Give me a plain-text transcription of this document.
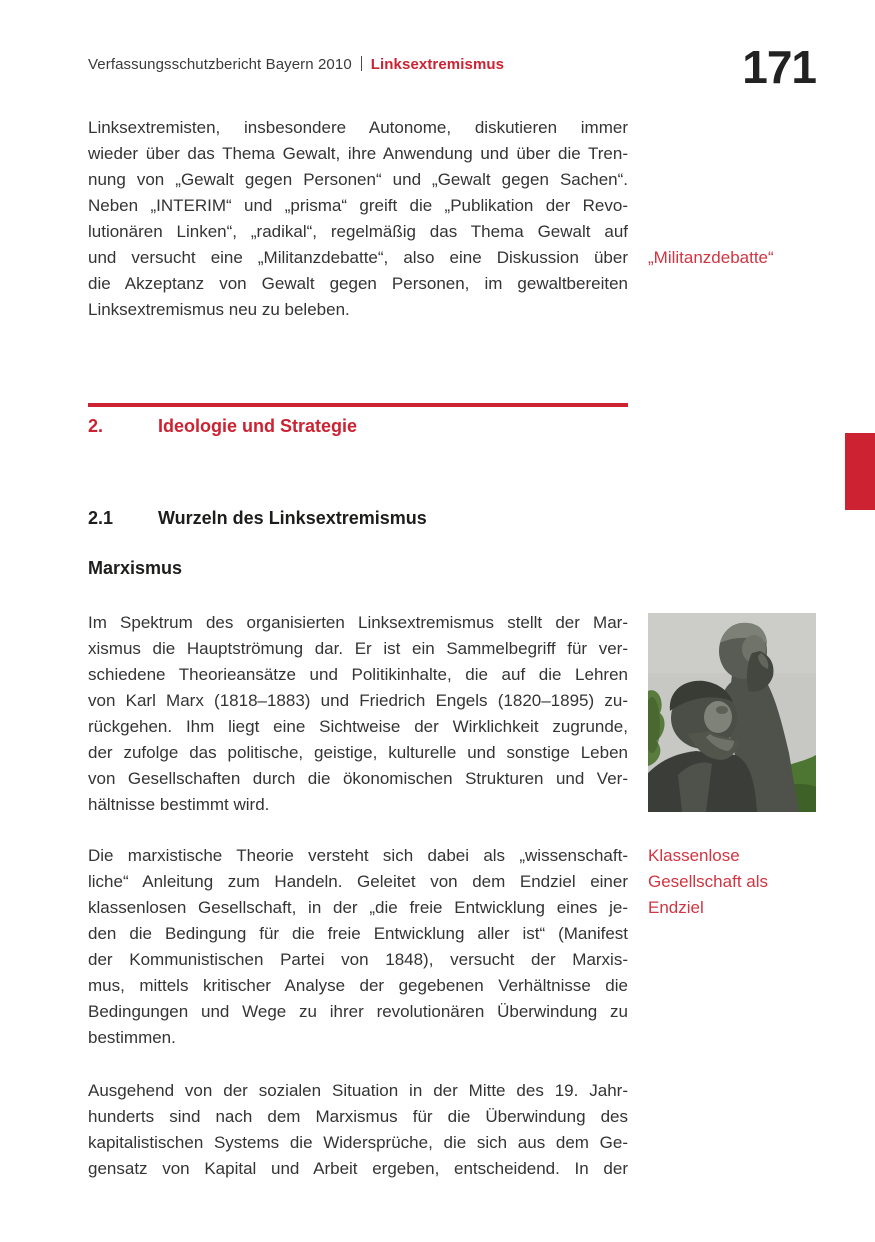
Verfassungsschutzbericht Bayern 2010 Linksextremismus	171
Linksextremisten, insbesondere Autonome, diskutieren immer
wieder über das Thema Gewalt, ihre Anwendung und über die Tren-
nung von „Gewalt gegen Personen“ und „Gewalt gegen Sachen“.
Neben „INTERIM“ und „prisma“ greift die „Publikation der Revo-
lutionären Linken“, „radikal“, regelmäßig das Thema Gewalt auf
und versucht eine „Militanzdebatte“, also eine Diskussion über
die Akzeptanz von Gewalt gegen Personen, im gewaltbereiten
Linksextremismus neu zu beleben.
„Militanzdebatte“
2.	Ideologie und Strategie
2.1	Wurzeln des Linksextremismus
Marxismus
Im Spektrum des organisierten Linksextremismus stellt der Mar-
xismus die Hauptströmung dar. Er ist ein Sammelbegriff für ver-
schiedene Theorieansätze und Politikinhalte, die auf die Lehren
von Karl Marx (1818–1883) und Friedrich Engels (1820–1895) zu-
rückgehen. Ihm liegt eine Sichtweise der Wirklichkeit zugrunde,
der zufolge das politische, geistige, kulturelle und sonstige Leben
von Gesellschaften durch die ökonomischen Strukturen und Ver-
hältnisse bestimmt wird.
Klassenlose Gesellschaft als Endziel
Die marxistische Theorie versteht sich dabei als „wissenschaft-
liche“ Anleitung zum Handeln. Geleitet von dem Endziel einer
klassenlosen Gesellschaft, in der „die freie Entwicklung eines je-
den die Bedingung für die freie Entwicklung aller ist“ (Manifest
der Kommunistischen Partei von 1848), versucht der Marxis-
mus, mittels kritischer Analyse der gegebenen Verhältnisse die
Bedingungen und Wege zu ihrer revolutionären Überwindung zu
bestimmen.
Ausgehend von der sozialen Situation in der Mitte des 19. Jahr-
hunderts sind nach dem Marxismus für die Überwindung des
kapitalistischen Systems die Widersprüche, die sich aus dem Ge-
gensatz von Kapital und Arbeit ergeben, entscheidend. In der
